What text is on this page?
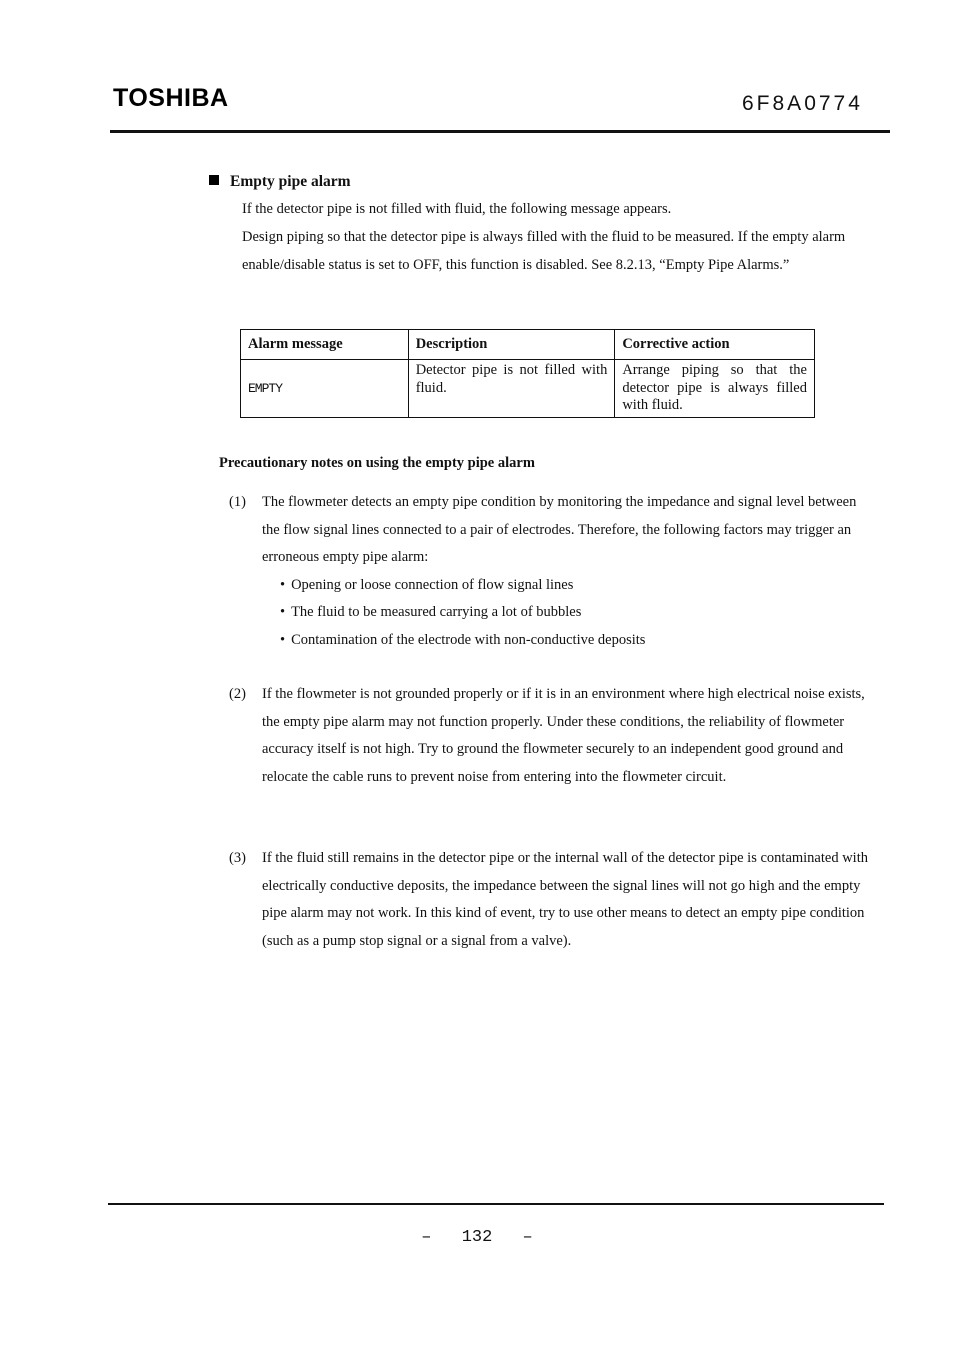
TOSHIBA	6F8A0774
Empty pipe alarm
If the detector pipe is not filled with fluid, the following message appears.
Design piping so that the detector pipe is always filled with the fluid to be measured. If the empty alarm enable/disable status is set to OFF, this function is disabled. See 8.2.13, “Empty Pipe Alarms.”
Alarm message	Description	Corrective action
EMPTY	Detector pipe is not filled with fluid.	Arrange piping so that the detector pipe is always filled with fluid.
Precautionary notes on using the empty pipe alarm
(1) The flowmeter detects an empty pipe condition by monitoring the impedance and signal level between the flow signal lines connected to a pair of electrodes. Therefore, the following factors may trigger an erroneous empty pipe alarm:
• Opening or loose connection of flow signal lines
• The fluid to be measured carrying a lot of bubbles
• Contamination of the electrode with non-conductive deposits
(2) If the flowmeter is not grounded properly or if it is in an environment where high electrical noise exists, the empty pipe alarm may not function properly. Under these conditions, the reliability of flowmeter accuracy itself is not high. Try to ground the flowmeter securely to an independent good ground and relocate the cable runs to prevent noise from entering into the flowmeter circuit.
(3) If the fluid still remains in the detector pipe or the internal wall of the detector pipe is contaminated with electrically conductive deposits, the impedance between the signal lines will not go high and the empty pipe alarm may not work. In this kind of event, try to use other means to detect an empty pipe condition (such as a pump stop signal or a signal from a valve).
– 132 –
